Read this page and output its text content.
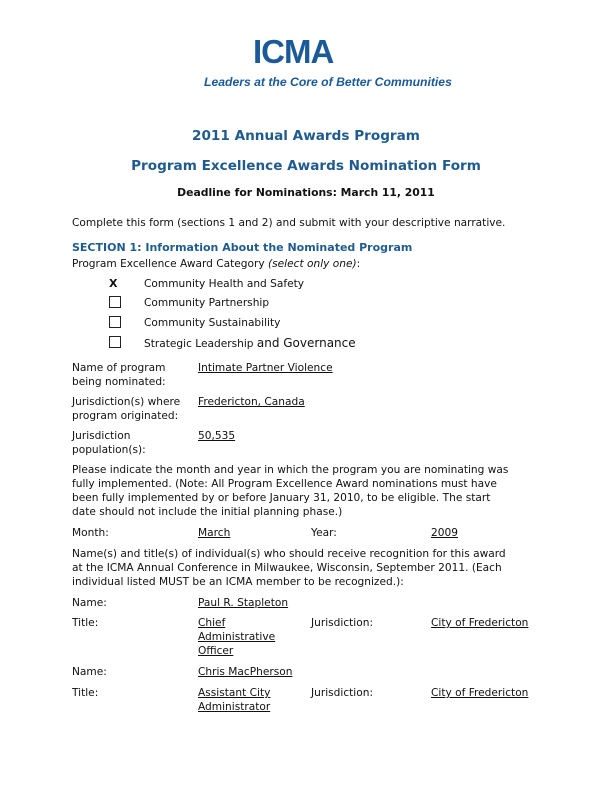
ICMA
Leaders at the Core of Better Communities
2011 Annual Awards Program
Program Excellence Awards Nomination Form
Deadline for Nominations: March 11, 2011
Complete this form (sections 1 and 2) and submit with your descriptive narrative.
SECTION 1: Information About the Nominated Program
Program Excellence Award Category (select only one):
X	Community Health and Safety
Community Partnership
Community Sustainability
Strategic Leadership and Governance
Name of program
being nominated:
Intimate Partner Violence
Jurisdiction(s) where
program originated:
Fredericton, Canada
Jurisdiction
population(s):
50,535
Please indicate the month and year in which the program you are nominating was
fully implemented. (Note: All Program Excellence Award nominations must have
been fully implemented by or before January 31, 2010, to be eligible. The start
date should not include the initial planning phase.)
Month:	March	Year:	2009
Name(s) and title(s) of individual(s) who should receive recognition for this award
at the ICMA Annual Conference in Milwaukee, Wisconsin, September 2011. (Each
individual listed MUST be an ICMA member to be recognized.):
Name:	Paul R. Stapleton
Title:	Chief
Administrative
Officer
Jurisdiction:	City of Fredericton
Name:	Chris MacPherson
Title:	Assistant City
Administrator
Jurisdiction:	City of Fredericton
